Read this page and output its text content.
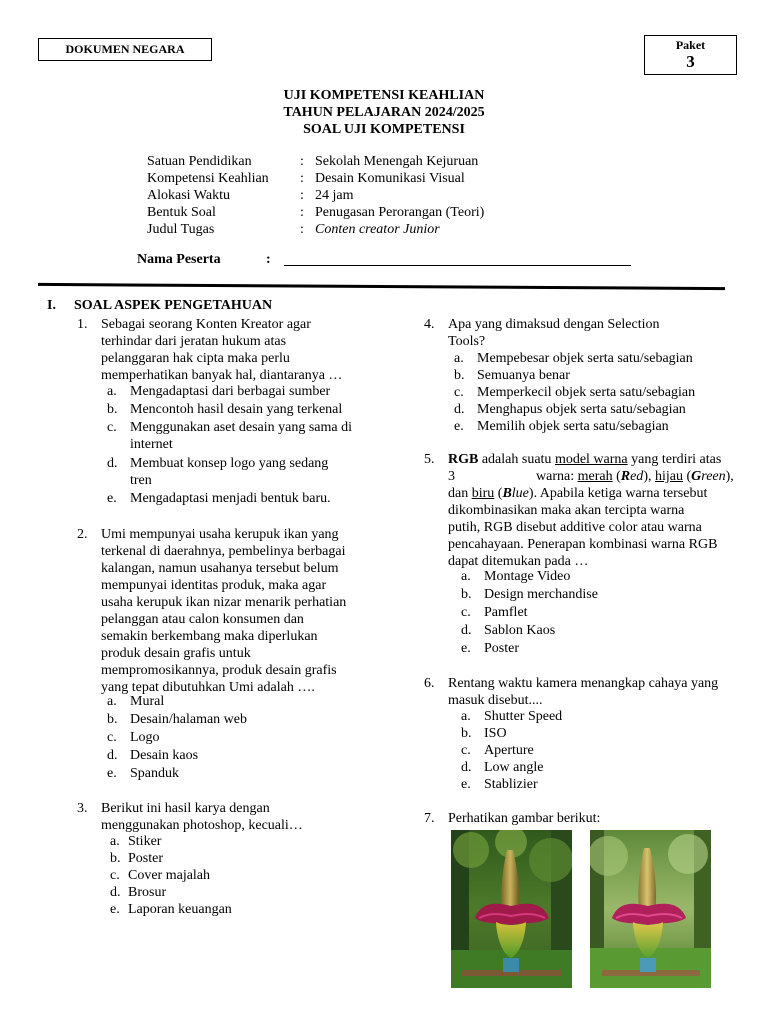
DOKUMEN NEGARA	Paket
3
UJI KOMPETENSI KEAHLIAN
TAHUN PELAJARAN 2024/2025
SOAL UJI KOMPETENSI
Satuan Pendidikan	: Sekolah Menengah Kejuruan
Kompetensi Keahlian : Desain Komunikasi Visual
Alokasi Waktu	: 24 jam
Bentuk Soal	: Penugasan Perorangan (Teori)
Judul Tugas	: Conten creator Junior
Nama Peserta	:
I. SOAL ASPEK PENGETAHUAN
1. Sebagai seorang Konten Kreator agar
terhindar dari jeratan hukum atas
pelanggaran hak cipta maka perlu
memperhatikan banyak hal, diantaranya …
a. Mengadaptasi dari berbagai sumber
b. Mencontoh hasil desain yang terkenal
c. Menggunakan aset desain yang sama di
internet
d. Membuat konsep logo yang sedang
tren
e. Mengadaptasi menjadi bentuk baru.
2. Umi mempunyai usaha kerupuk ikan yang
terkenal di daerahnya, pembelinya berbagai
kalangan, namun usahanya tersebut belum
mempunyai identitas produk, maka agar
usaha kerupuk ikan nizar menarik perhatian
pelanggan atau calon konsumen dan
semakin berkembang maka diperlukan
produk desain grafis untuk
mempromosikannya, produk desain grafis
yang tepat dibutuhkan Umi adalah ….
a. Mural
b. Desain/halaman web
c. Logo
d. Desain kaos
e. Spanduk
3. Berikut ini hasil karya dengan
menggunakan photoshop, kecuali…
a. Stiker
b. Poster
c. Cover majalah
d. Brosur
e. Laporan keuangan
4. Apa yang dimaksud dengan Selection
Tools?
a. Mempebesar objek serta satu/sebagian
b. Semuanya benar
c. Memperkecil objek serta satu/sebagian
d. Menghapus objek serta satu/sebagian
e. Memilih objek serta satu/sebagian
5. RGB adalah suatu model warna yang terdiri atas
3	warna: merah (Red), hijau (Green),
dan biru (Blue). Apabila ketiga warna tersebut
dikombinasikan maka akan tercipta warna
putih, RGB disebut additive color atau warna
pencahayaan. Penerapan kombinasi warna RGB
dapat ditemukan pada …
a. Montage Video
b. Design merchandise
c. Pamflet
d. Sablon Kaos
e. Poster
6. Rentang waktu kamera menangkap cahaya yang
masuk disebut....
a. Shutter Speed
b. ISO
c. Aperture
d. Low angle
e. Stablizier
7. Perhatikan gambar berikut:
